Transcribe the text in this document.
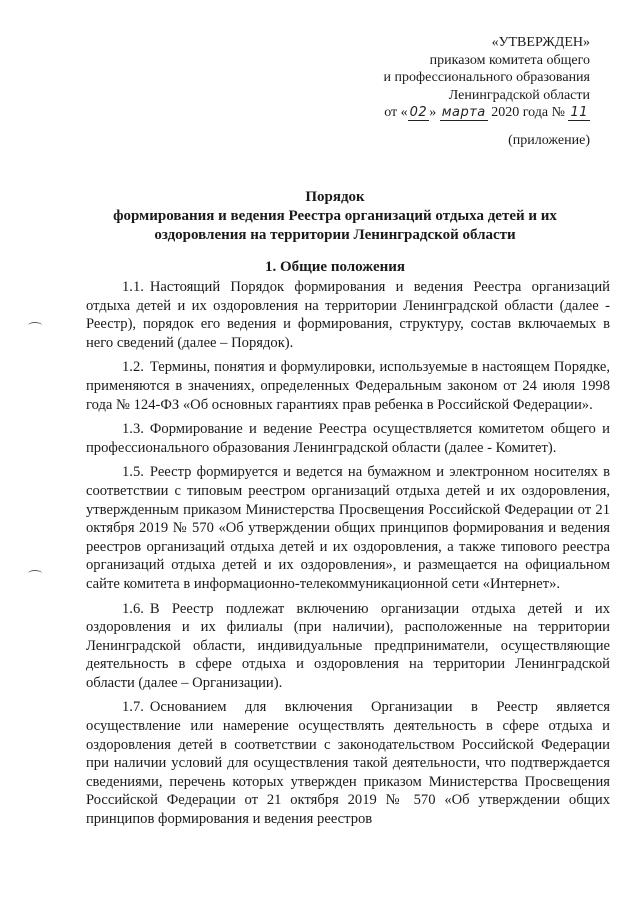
«УТВЕРЖДЕН»
приказом комитета общего
и профессионального образования
Ленинградской области
от « 02 » марта 2020 года № 11
(приложение)
Порядок
формирования и ведения Реестра организаций отдыха детей и их
оздоровления на территории Ленинградской области
1. Общие положения

1.1. Настоящий Порядок формирования и ведения Реестра организаций отдыха детей и их оздоровления на территории Ленинградской области (далее - Реестр), порядок его ведения и формирования, структуру, состав включаемых в него сведений (далее – Порядок).

1.2. Термины, понятия и формулировки, используемые в настоящем Порядке, применяются в значениях, определенных Федеральным законом от 24 июля 1998 года № 124-ФЗ «Об основных гарантиях прав ребенка в Российской Федерации».

1.3. Формирование и ведение Реестра осуществляется комитетом общего и профессионального образования Ленинградской области (далее - Комитет).

1.5. Реестр формируется и ведется на бумажном и электронном носителях в соответствии с типовым реестром организаций отдыха детей и их оздоровления, утвержденным приказом Министерства Просвещения Российской Федерации от 21 октября 2019 № 570 «Об утверждении общих принципов формирования и ведения реестров организаций отдыха детей и их оздоровления, а также типового реестра организаций отдыха детей и их оздоровления», и размещается на официальном сайте комитета в информационно-телекоммуникационной сети «Интернет».

1.6. В Реестр подлежат включению организации отдыха детей и их оздоровления и их филиалы (при наличии), расположенные на территории Ленинградской области, индивидуальные предприниматели, осуществляющие деятельность в сфере отдыха и оздоровления на территории Ленинградской области (далее – Организации).

1.7. Основанием для включения Организации в Реестр является осуществление или намерение осуществлять деятельность в сфере отдыха и оздоровления детей в соответствии с законодательством Российской Федерации при наличии условий для осуществления такой деятельности, что подтверждается сведениями, перечень которых утвержден приказом Министерства Просвещения Российской Федерации от 21 октября 2019 № 570 «Об утверждении общих принципов формирования и ведения реестров
